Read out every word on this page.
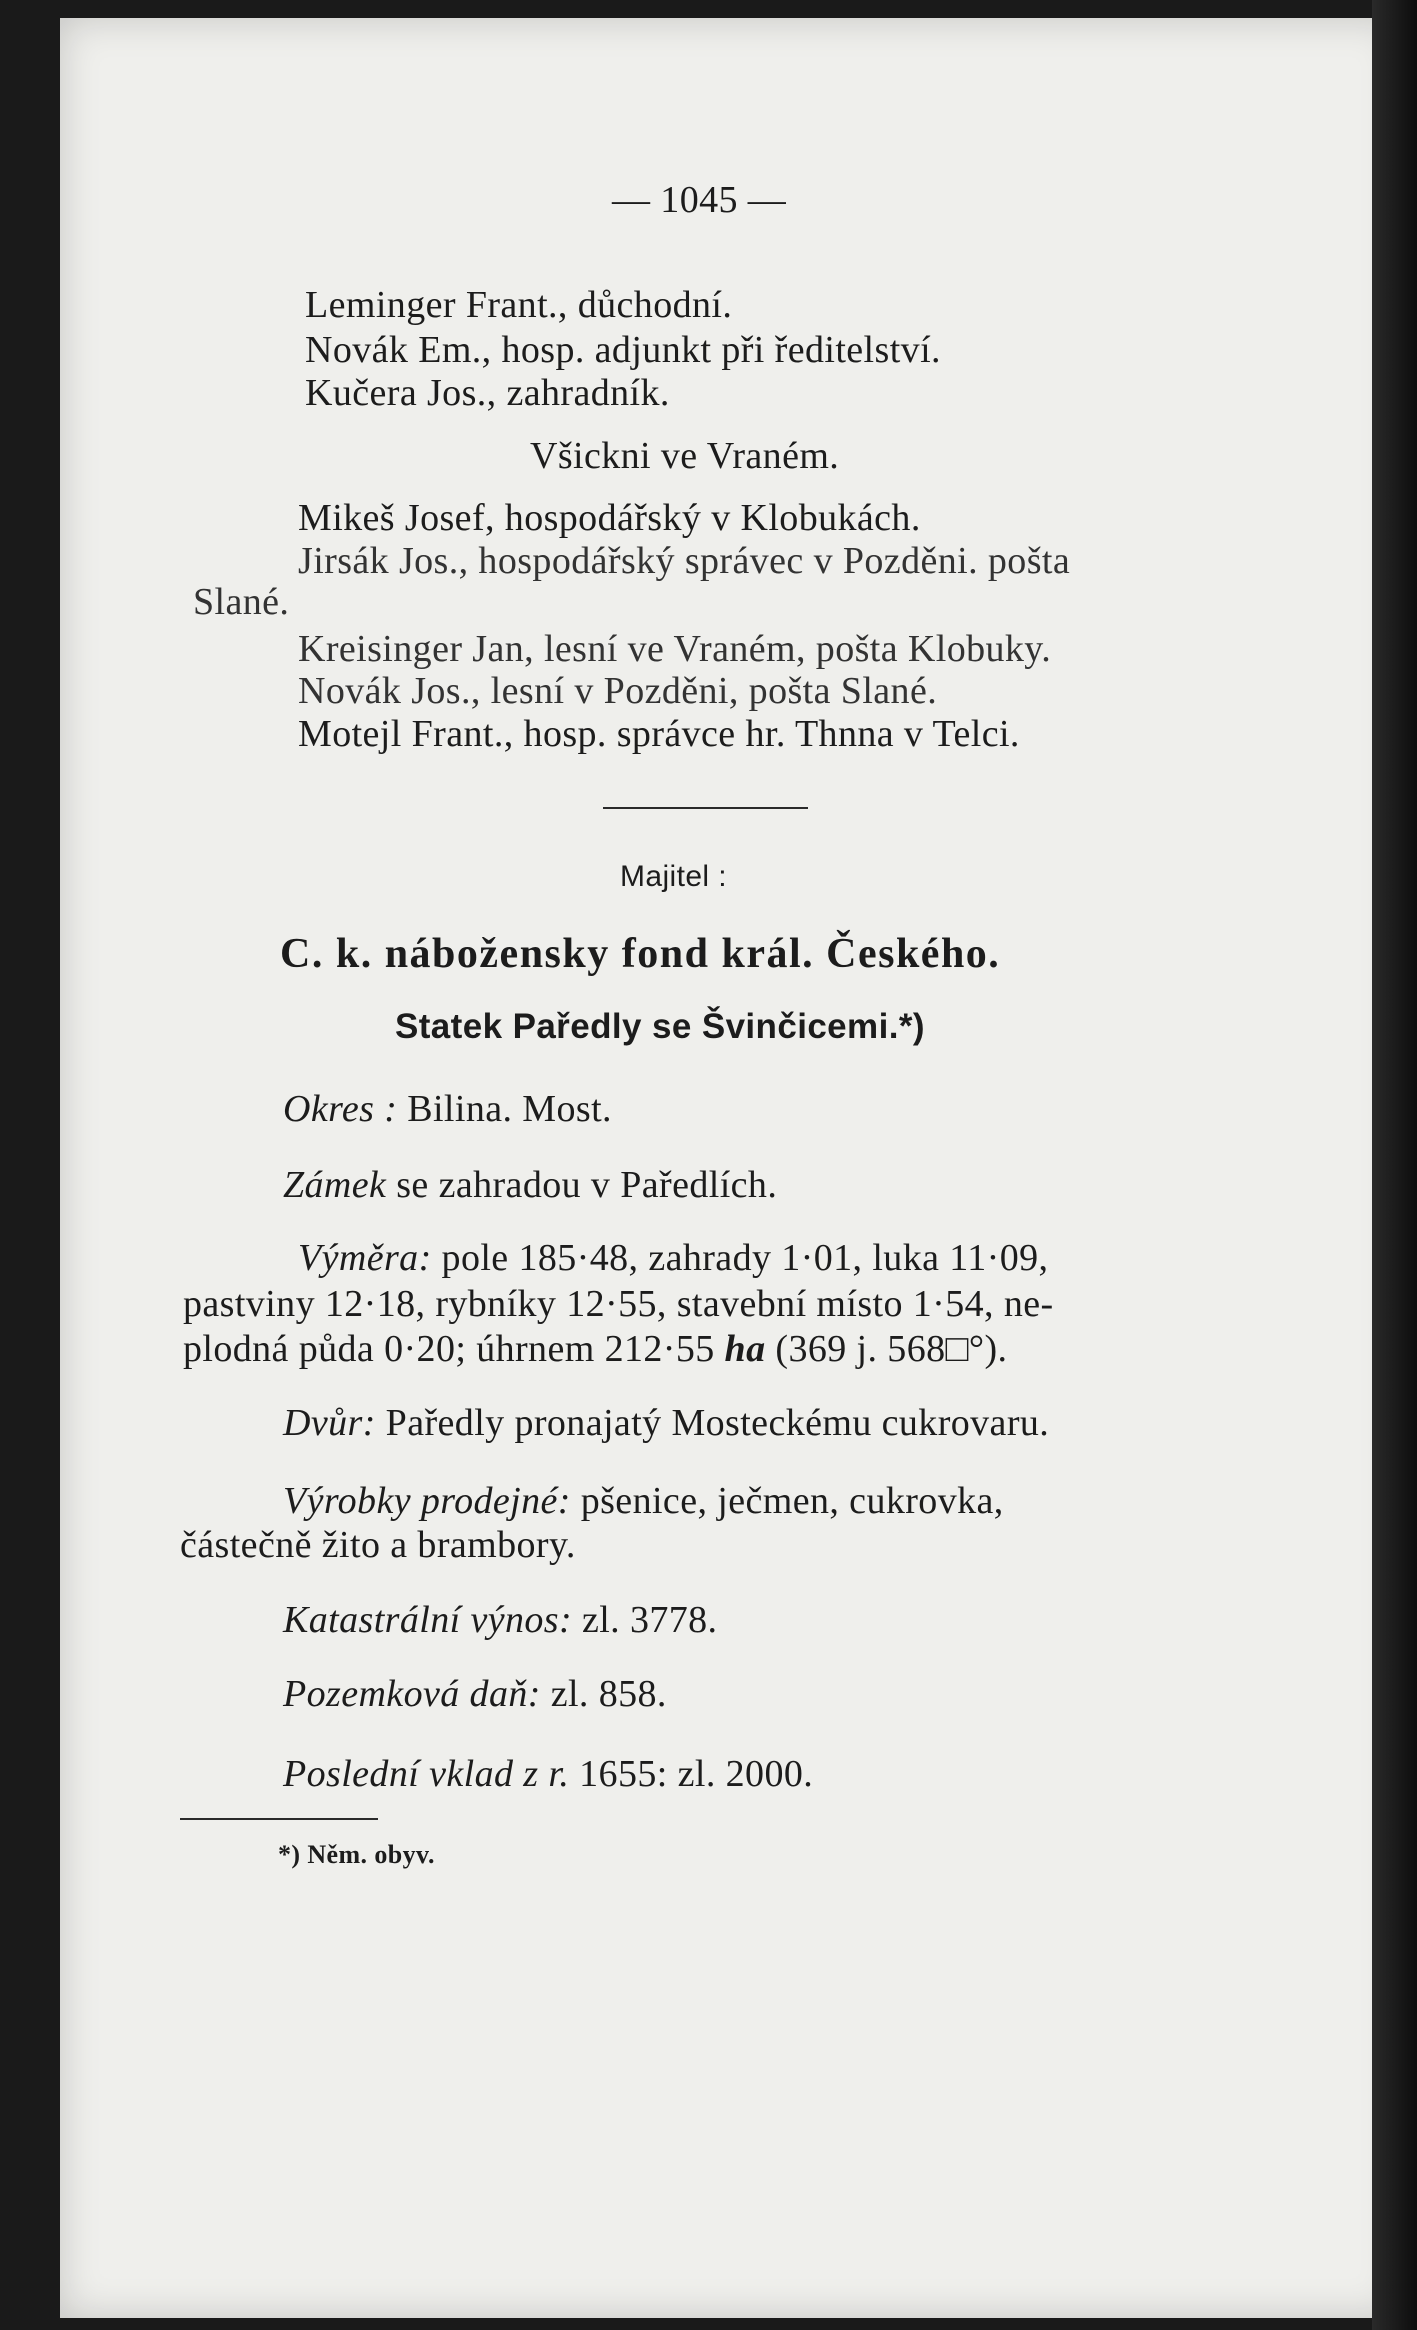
— 1045 —
Leminger Frant., důchodní.
Novák Em., hosp. adjunkt při ředitelství.
Kučera Jos., zahradník.
Všickni ve Vraném.
Mikeš Josef, hospodářský v Klobukách.
Jirsák Jos., hospodářský správec v Pozděni. pošta
Slané.
Kreisinger Jan, lesní ve Vraném, pošta Klobuky.
Novák Jos., lesní v Pozděni, pošta Slané.
Motejl Frant., hosp. správce hr. Thnna v Telci.
Majitel :
C. k. nábožensky fond král. Českého.
Statek Paředly se Švinčicemi.*)
Okres : Bilina. Most.
Zámek se zahradou v Paředlích.
Výměra: pole 185·48, zahrady 1·01, luka 11·09,
pastviny 12·18, rybníky 12·55, stavební místo 1·54, ne-
plodná půda 0·20; úhrnem 212·55 ha (369 j. 568□°).
Dvůr: Paředly pronajatý Mosteckému cukrovaru.
Výrobky prodejné: pšenice, ječmen, cukrovka,
částečně žito a brambory.
Katastrální výnos: zl. 3778.
Pozemková daň: zl. 858.
Poslední vklad z r. 1655: zl. 2000.
*) Něm. obyv.
